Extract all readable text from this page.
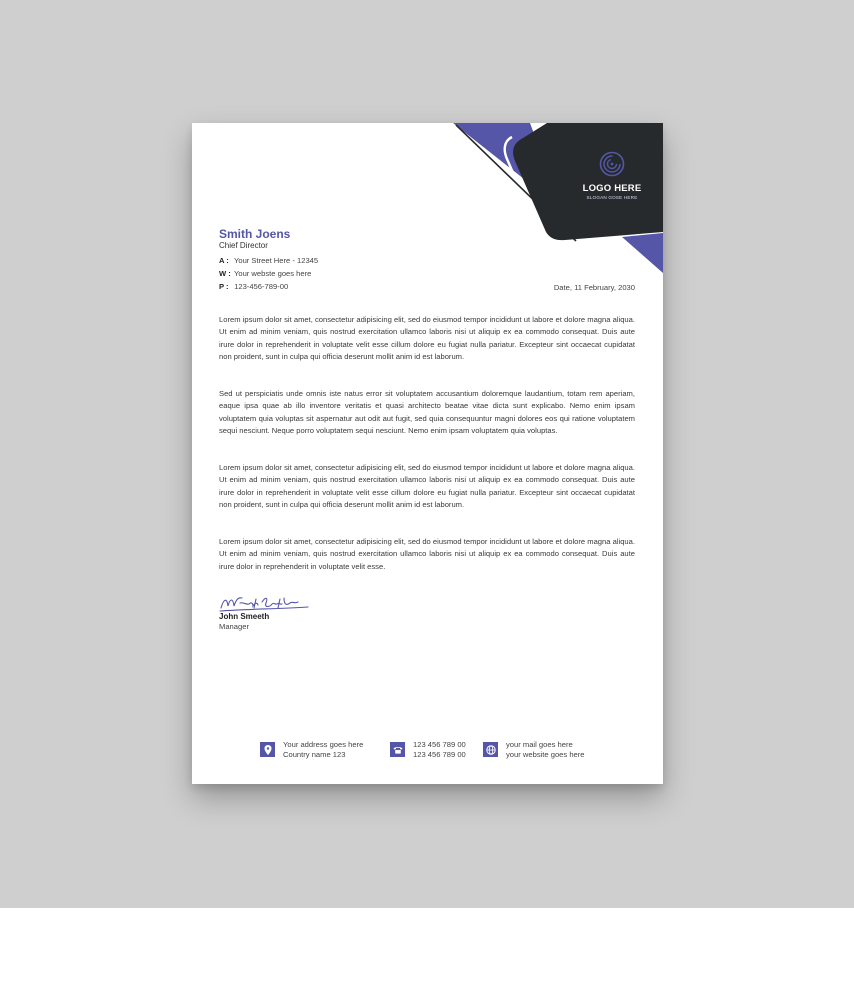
LOGO HERE
SLOGAN GOSE HERE
Smith Joens
Chief Director
A : Your Street Here - 12345
W : Your webste goes here
P : 123-456-789-00	Date, 11 February, 2030

Lorem ipsum dolor sit amet, consectetur adipisicing elit, sed do eiusmod tempor incididunt ut labore et dolore magna aliqua. Ut enim ad minim veniam, quis nostrud exercitation ullamco laboris nisi ut aliquip ex ea commodo consequat. Duis aute irure dolor in reprehenderit in voluptate velit esse cillum dolore eu fugiat nulla pariatur. Excepteur sint occaecat cupidatat non proident, sunt in culpa qui officia deserunt mollit anim id est laborum.

Sed ut perspiciatis unde omnis iste natus error sit voluptatem accusantium doloremque laudantium, totam rem aperiam, eaque ipsa quae ab illo inventore veritatis et quasi architecto beatae vitae dicta sunt explicabo. Nemo enim ipsam voluptatem quia voluptas sit aspernatur aut odit aut fugit, sed quia consequuntur magni dolores eos qui ratione voluptatem sequi nesciunt. Neque porro voluptatem sequi nesciunt. Nemo enim ipsam voluptatem quia voluptas.

Lorem ipsum dolor sit amet, consectetur adipisicing elit, sed do eiusmod tempor incididunt ut labore et dolore magna aliqua. Ut enim ad minim veniam, quis nostrud exercitation ullamco laboris nisi ut aliquip ex ea commodo consequat. Duis aute irure dolor in reprehenderit in voluptate velit esse cillum dolore eu fugiat nulla pariatur. Excepteur sint occaecat cupidatat non proident, sunt in culpa qui officia deserunt mollit anim id est laborum.

Lorem ipsum dolor sit amet, consectetur adipisicing elit, sed do eiusmod tempor incididunt ut labore et dolore magna aliqua. Ut enim ad minim veniam, quis nostrud exercitation ullamco laboris nisi ut aliquip ex ea commodo consequat. Duis aute irure dolor in reprehenderit in voluptate velit esse.

John Smeeth
Manager
Your address goes here
Country name 123
123 456 789 00
123 456 789 00
your mail goes here
your website goes here
